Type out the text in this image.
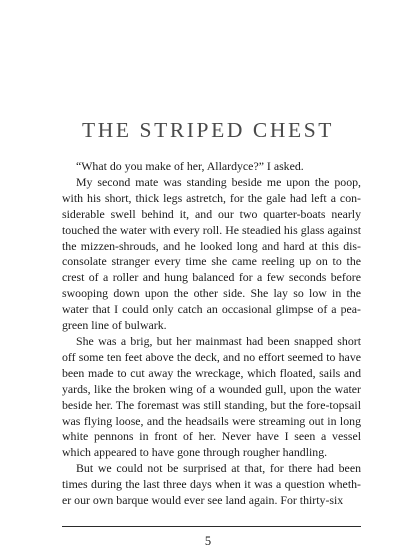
THE STRIPED CHEST

“What do you make of her, Allardyce?” I asked.

My second mate was standing beside me upon the poop, with his short, thick legs astretch, for the gale had left a considerable swell behind it, and our two quarter-boats nearly touched the water with every roll. He steadied his glass against the mizzen-shrouds, and he looked long and hard at this disconsolate stranger every time she came reeling up on to the crest of a roller and hung balanced for a few seconds before swooping down upon the other side. She lay so low in the water that I could only catch an occasional glimpse of a pea-green line of bulwark.

She was a brig, but her mainmast had been snapped short off some ten feet above the deck, and no effort seemed to have been made to cut away the wreckage, which floated, sails and yards, like the broken wing of a wounded gull, upon the water beside her. The foremast was still standing, but the fore-topsail was flying loose, and the headsails were streaming out in long white pennons in front of her. Never have I seen a vessel which appeared to have gone through rougher handling.

But we could not be surprised at that, for there had been times during the last three days when it was a question whether our own barque would ever see land again. For thirty-six

5
